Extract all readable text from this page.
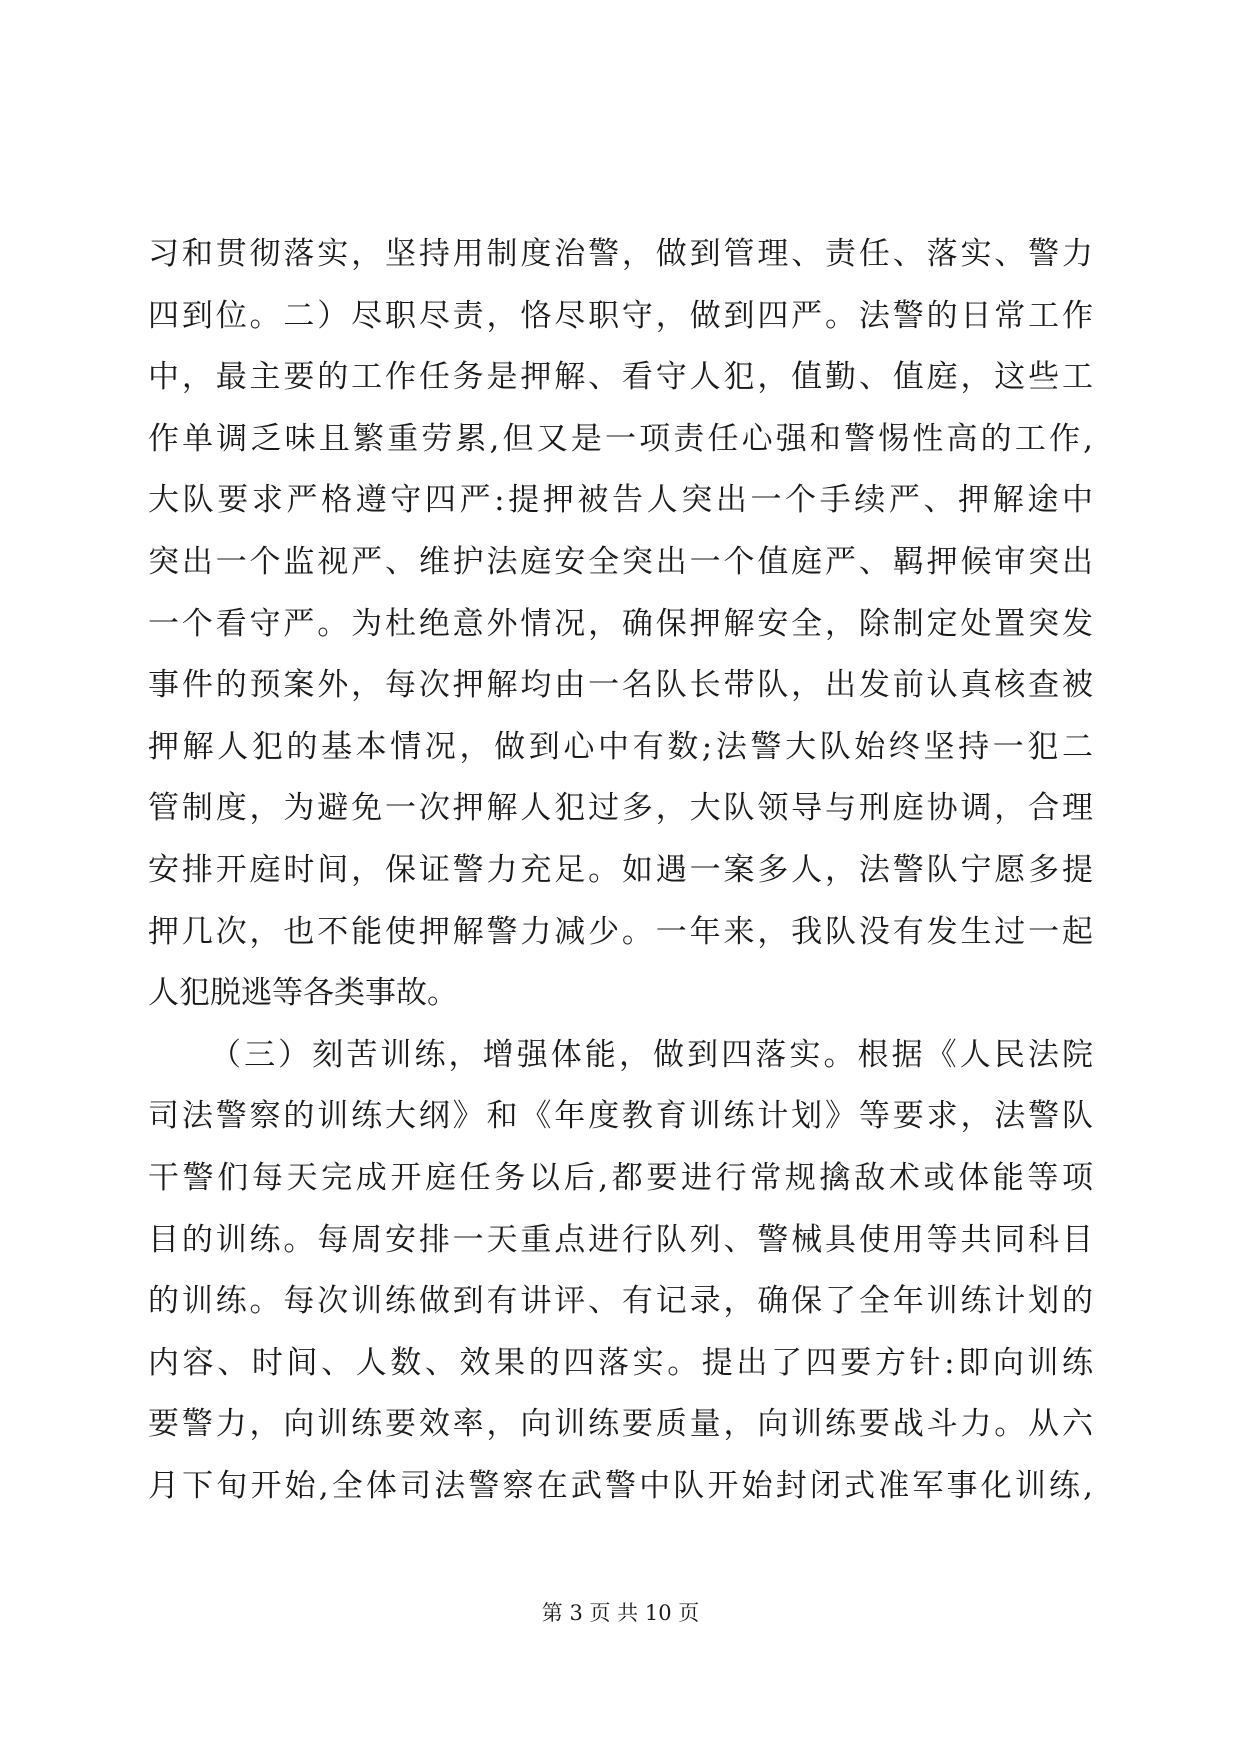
习和贯彻落实，坚持用制度治警，做到管理、责任、落实、警力
四到位。二）尽职尽责，恪尽职守，做到四严。法警的日常工作
中，最主要的工作任务是押解、看守人犯，值勤、值庭，这些工
作单调乏味且繁重劳累,但又是一项责任心强和警惕性高的工作,
大队要求严格遵守四严:提押被告人突出一个手续严、押解途中
突出一个监视严、维护法庭安全突出一个值庭严、羁押候审突出
一个看守严。为杜绝意外情况，确保押解安全，除制定处置突发
事件的预案外，每次押解均由一名队长带队，出发前认真核查被
押解人犯的基本情况，做到心中有数;法警大队始终坚持一犯二
管制度，为避免一次押解人犯过多，大队领导与刑庭协调，合理
安排开庭时间，保证警力充足。如遇一案多人，法警队宁愿多提
押几次，也不能使押解警力减少。一年来，我队没有发生过一起
人犯脱逃等各类事故。
（三）刻苦训练，增强体能，做到四落实。根据《人民法院
司法警察的训练大纲》和《年度教育训练计划》等要求，法警队
干警们每天完成开庭任务以后,都要进行常规擒敌术或体能等项
目的训练。每周安排一天重点进行队列、警械具使用等共同科目
的训练。每次训练做到有讲评、有记录，确保了全年训练计划的
内容、时间、人数、效果的四落实。提出了四要方针:即向训练
要警力，向训练要效率，向训练要质量，向训练要战斗力。从六
月下旬开始,全体司法警察在武警中队开始封闭式准军事化训练,
第 3 页 共 10 页
